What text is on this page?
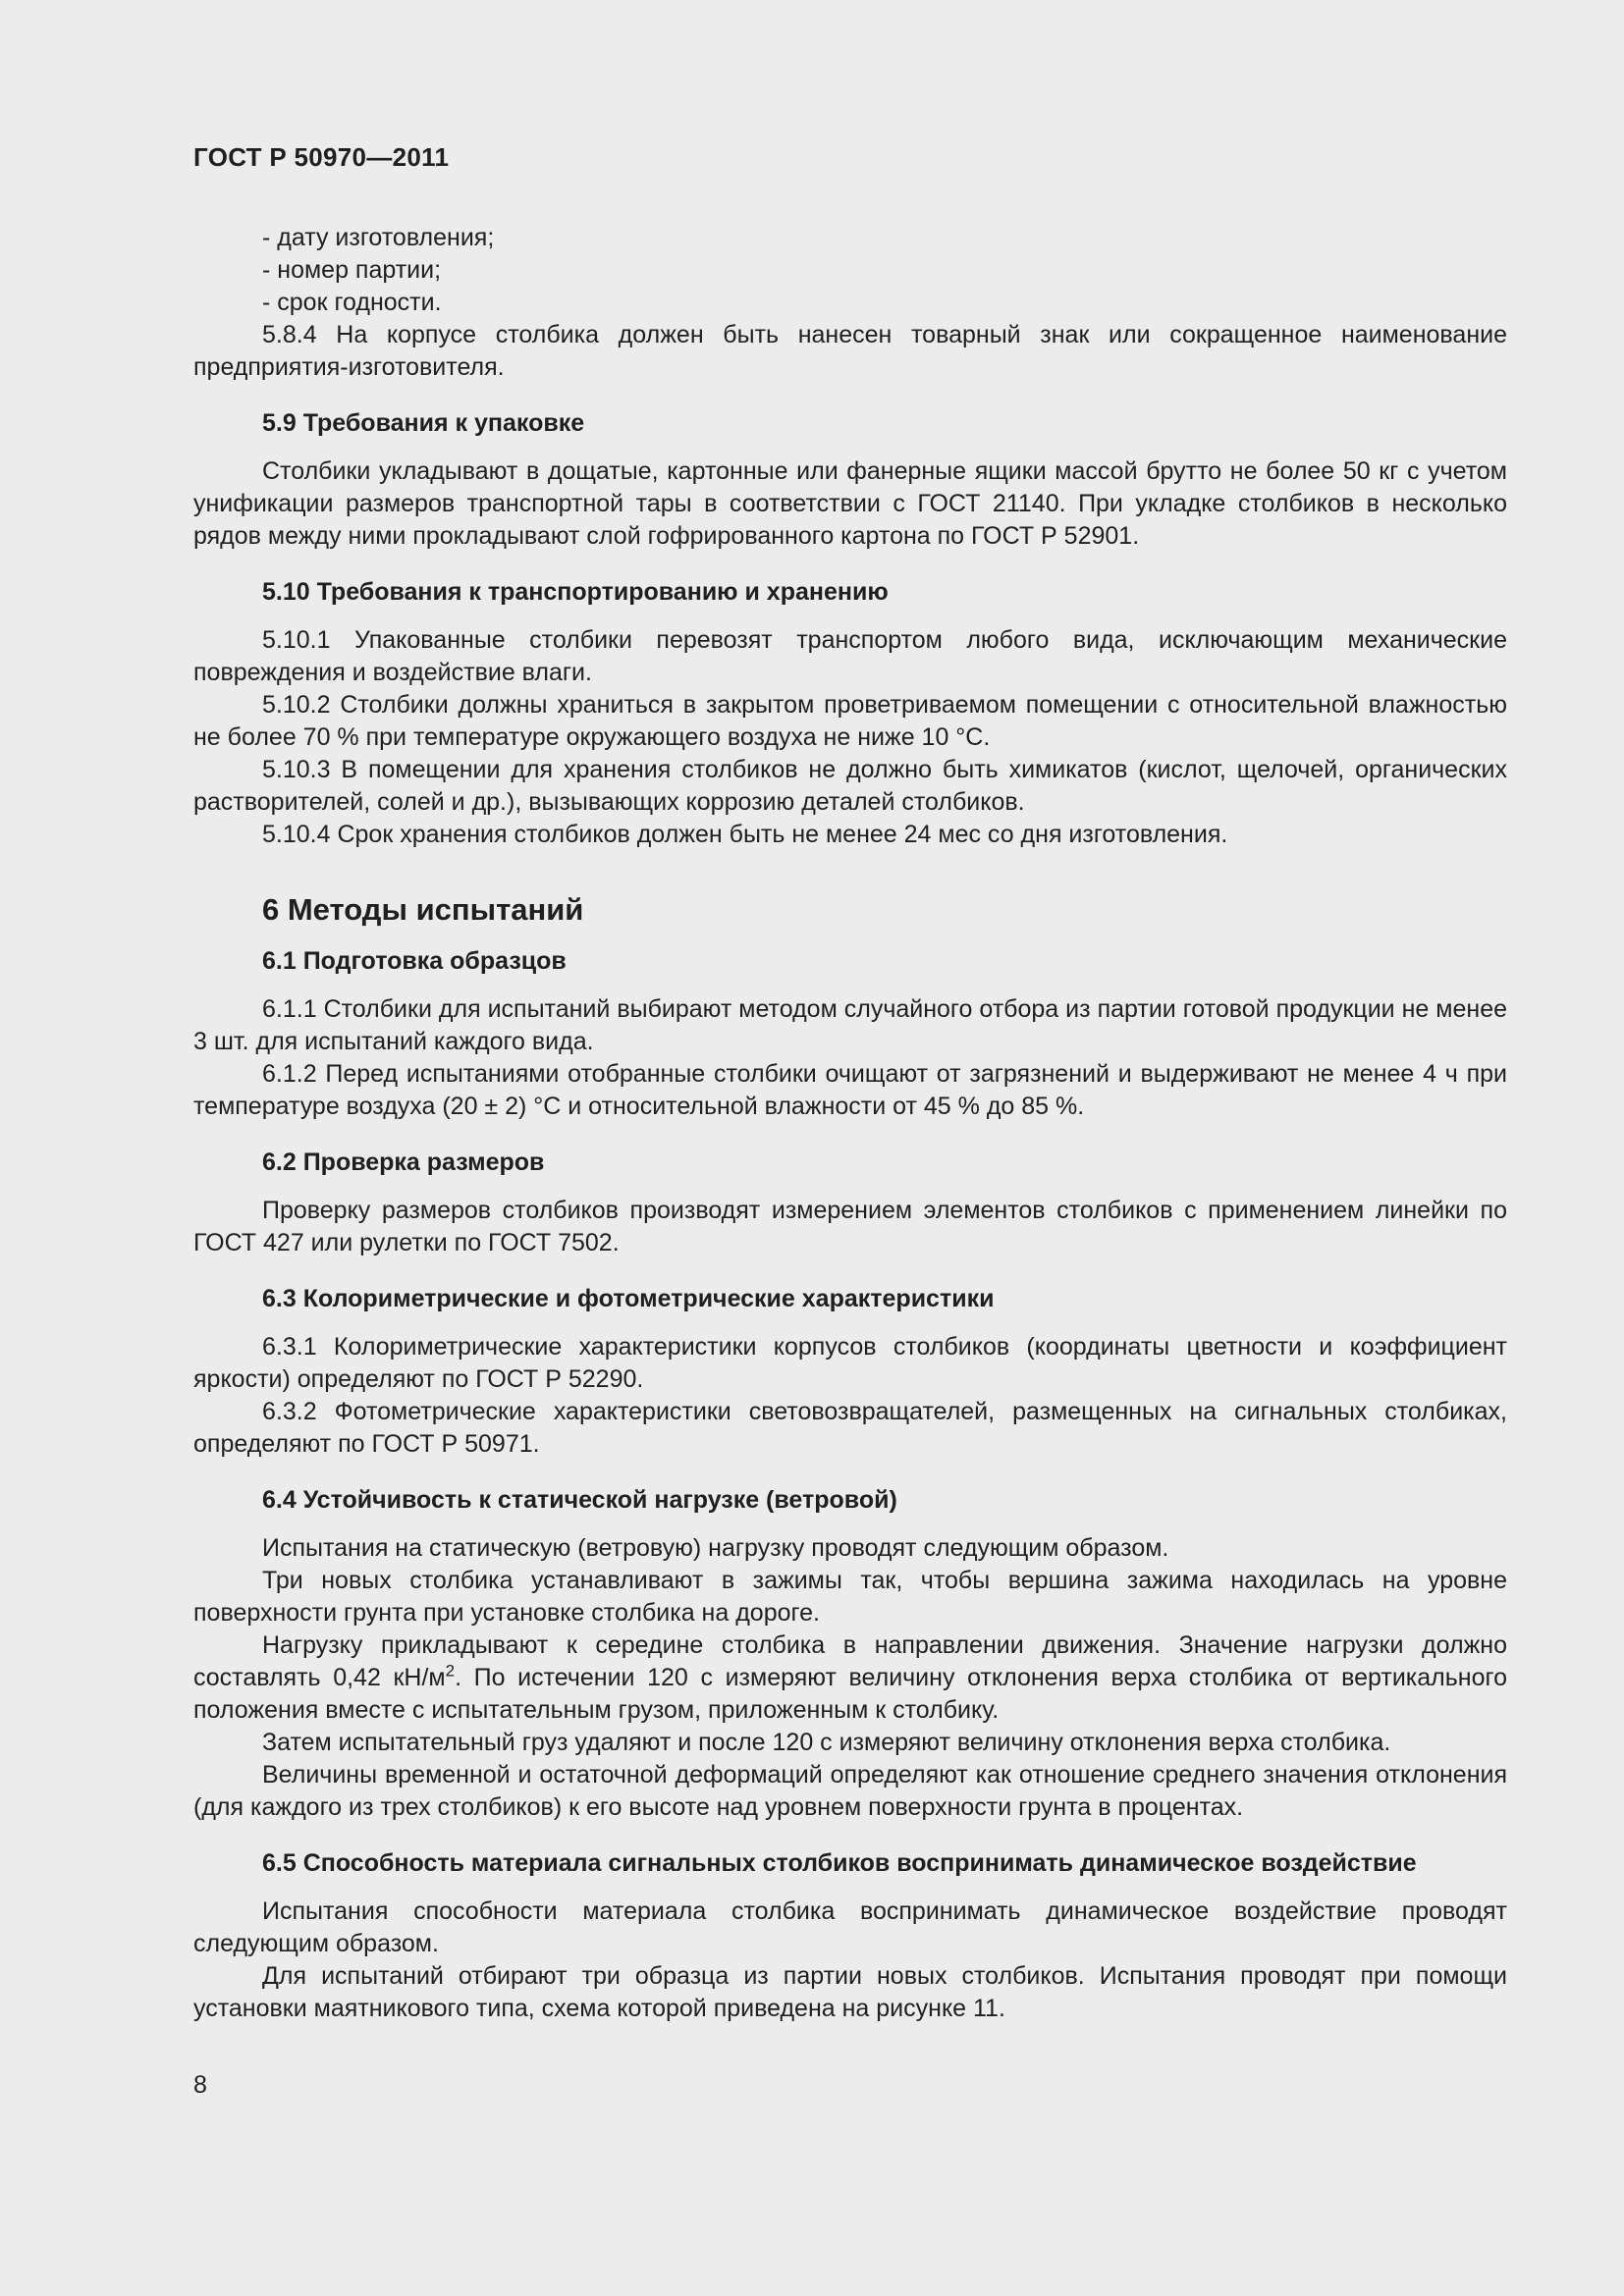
ГОСТ Р 50970—2011
- дату изготовления;
- номер партии;
- срок годности.

5.8.4 На корпусе столбика должен быть нанесен товарный знак или сокращенное наименование предприятия-изготовителя.

5.9 Требования к упаковке

Столбики укладывают в дощатые, картонные или фанерные ящики массой брутто не более 50 кг с учетом унификации размеров транспортной тары в соответствии с ГОСТ 21140. При укладке столбиков в несколько рядов между ними прокладывают слой гофрированного картона по ГОСТ Р 52901.

5.10 Требования к транспортированию и хранению

5.10.1 Упакованные столбики перевозят транспортом любого вида, исключающим механические повреждения и воздействие влаги.

5.10.2 Столбики должны храниться в закрытом проветриваемом помещении с относительной влажностью не более 70 % при температуре окружающего воздуха не ниже 10 °С.

5.10.3 В помещении для хранения столбиков не должно быть химикатов (кислот, щелочей, органических растворителей, солей и др.), вызывающих коррозию деталей столбиков.

5.10.4 Срок хранения столбиков должен быть не менее 24 мес со дня изготовления.

6 Методы испытаний
6.1 Подготовка образцов

6.1.1 Столбики для испытаний выбирают методом случайного отбора из партии готовой продукции не менее 3 шт. для испытаний каждого вида.

6.1.2 Перед испытаниями отобранные столбики очищают от загрязнений и выдерживают не менее 4 ч при температуре воздуха (20 ± 2) °С и относительной влажности от 45 % до 85 %.

6.2 Проверка размеров

Проверку размеров столбиков производят измерением элементов столбиков с применением линейки по ГОСТ 427 или рулетки по ГОСТ 7502.

6.3 Колориметрические и фотометрические характеристики

6.3.1 Колориметрические характеристики корпусов столбиков (координаты цветности и коэффициент яркости) определяют по ГОСТ Р 52290.

6.3.2 Фотометрические характеристики световозвращателей, размещенных на сигнальных столбиках, определяют по ГОСТ Р 50971.

6.4 Устойчивость к статической нагрузке (ветровой)

Испытания на статическую (ветровую) нагрузку проводят следующим образом.

Три новых столбика устанавливают в зажимы так, чтобы вершина зажима находилась на уровне поверхности грунта при установке столбика на дороге.

Нагрузку прикладывают к середине столбика в направлении движения. Значение нагрузки должно составлять 0,42 $кН/м^2$. По истечении 120 с измеряют величину отклонения верха столбика от вертикального положения вместе с испытательным грузом, приложенным к столбику.

Затем испытательный груз удаляют и после 120 с измеряют величину отклонения верха столбика.

Величины временной и остаточной деформаций определяют как отношение среднего значения отклонения (для каждого из трех столбиков) к его высоте над уровнем поверхности грунта в процентах.

6.5 Способность материала сигнальных столбиков воспринимать динамическое воздействие

Испытания способности материала столбика воспринимать динамическое воздействие проводят следующим образом.

Для испытаний отбирают три образца из партии новых столбиков. Испытания проводят при помощи установки маятникового типа, схема которой приведена на рисунке 11.

8
